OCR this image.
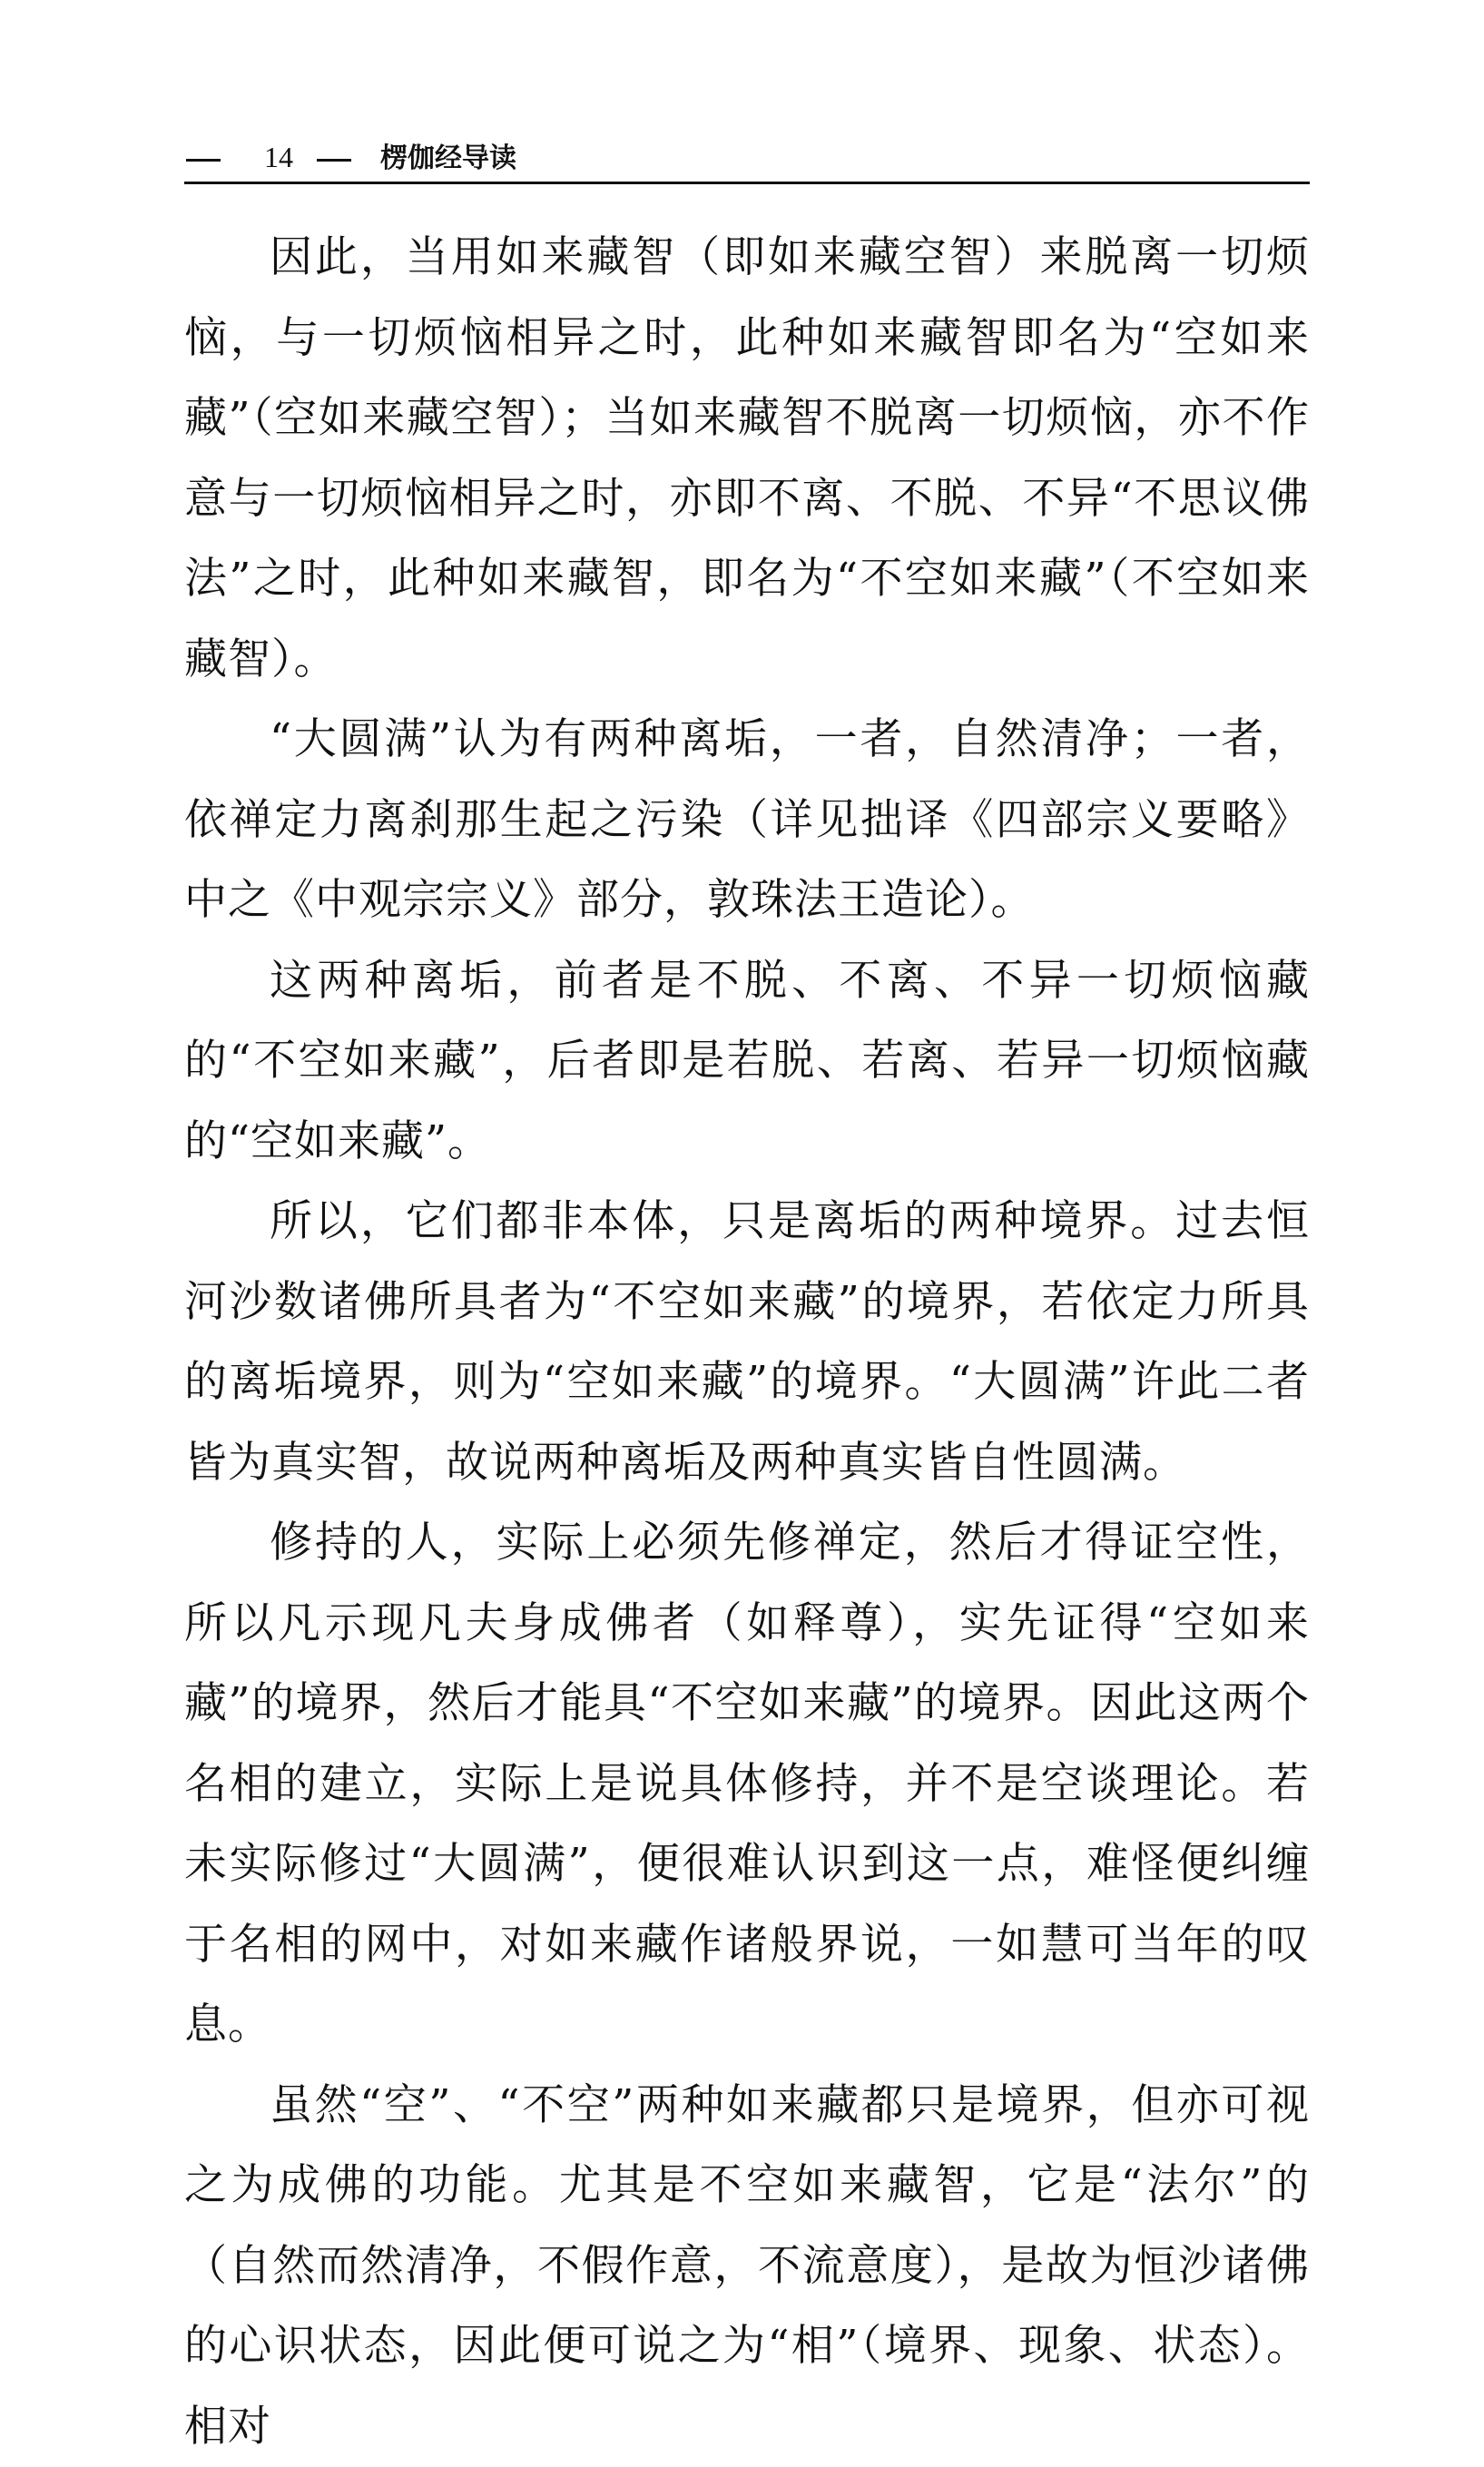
14	楞伽经导读

因此，当用如来藏智（即如来藏空智）来脱离一切烦恼，与一切烦恼相异之时，此种如来藏智即名为“空如来藏”（空如来藏空智）；当如来藏智不脱离一切烦恼，亦不作意与一切烦恼相异之时，亦即不离、不脱、不异“不思议佛法”之时，此种如来藏智，即名为“不空如来藏”（不空如来藏智）。

“大圆满”认为有两种离垢，一者，自然清净；一者，依禅定力离刹那生起之污染（详见拙译《四部宗义要略》中之《中观宗宗义》部分，敦珠法王造论）。

这两种离垢，前者是不脱、不离、不异一切烦恼藏的“不空如来藏”，后者即是若脱、若离、若异一切烦恼藏的“空如来藏”。

所以，它们都非本体，只是离垢的两种境界。过去恒河沙数诸佛所具者为“不空如来藏”的境界，若依定力所具的离垢境界，则为“空如来藏”的境界。“大圆满”许此二者皆为真实智，故说两种离垢及两种真实皆自性圆满。

修持的人，实际上必须先修禅定，然后才得证空性，所以凡示现凡夫身成佛者（如释尊），实先证得“空如来藏”的境界，然后才能具“不空如来藏”的境界。因此这两个名相的建立，实际上是说具体修持，并不是空谈理论。若未实际修过“大圆满”，便很难认识到这一点，难怪便纠缠于名相的网中，对如来藏作诸般界说，一如慧可当年的叹息。

虽然“空”、“不空”两种如来藏都只是境界，但亦可视之为成佛的功能。尤其是不空如来藏智，它是“法尔”的（自然而然清净，不假作意，不流意度），是故为恒沙诸佛的心识状态，因此便可说之为“相”（境界、现象、状态）。相对
